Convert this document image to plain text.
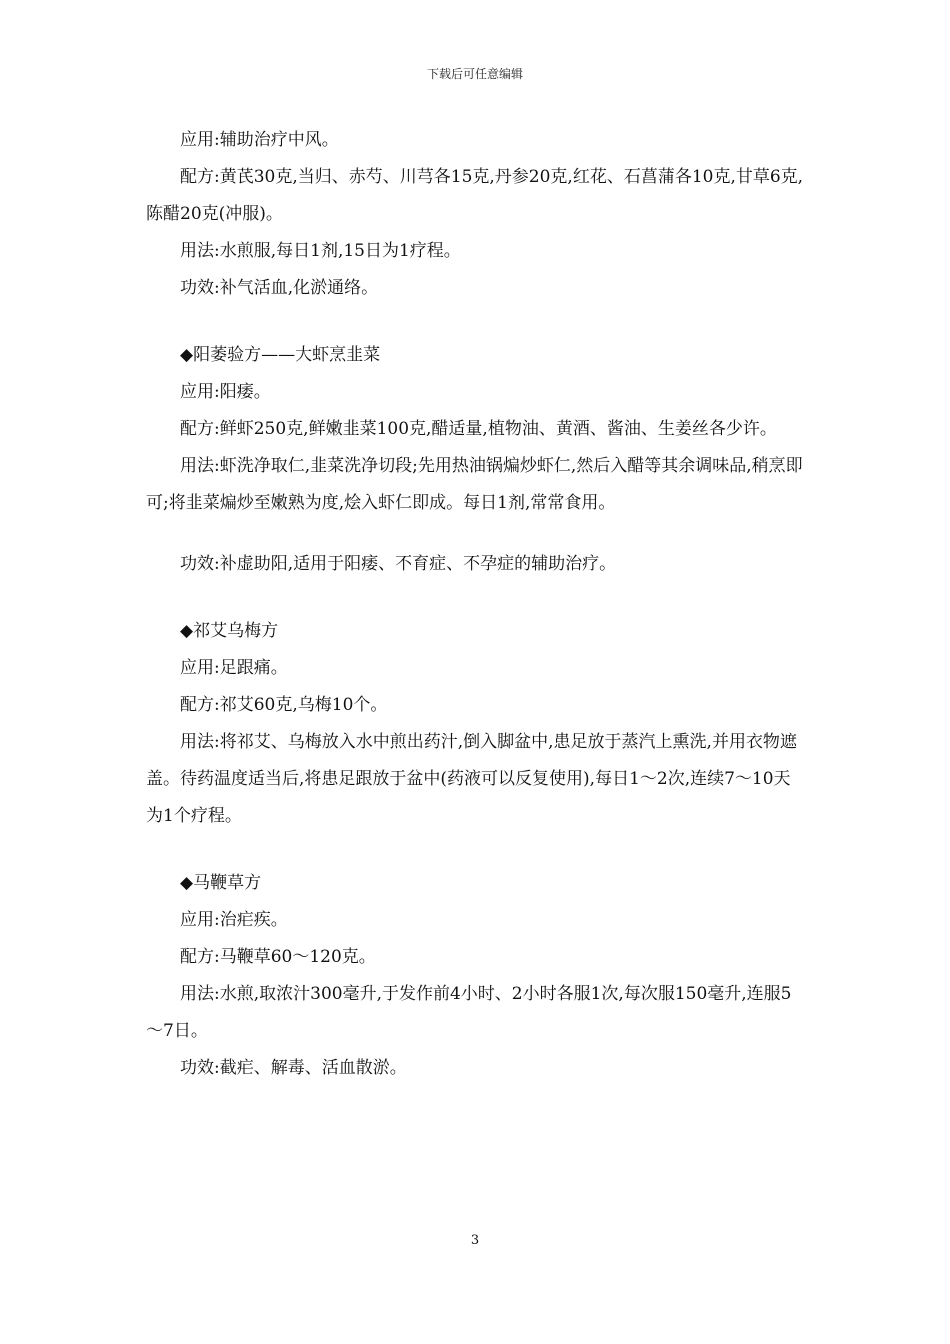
下载后可任意编辑

应用:辅助治疗中风。

配方:黄芪30克,当归、赤芍、川芎各15克,丹参20克,红花、石菖蒲各10克,甘草6克,陈醋20克(冲服)。

用法:水煎服,每日1剂,15日为1疗程。

功效:补气活血,化淤通络。

◆阳萎验方——大虾烹韭菜

应用:阳痿。

配方:鲜虾250克,鲜嫩韭菜100克,醋适量,植物油、黄酒、酱油、生姜丝各少许。

用法:虾洗净取仁,韭菜洗净切段;先用热油锅煸炒虾仁,然后入醋等其余调味品,稍烹即可;将韭菜煸炒至嫩熟为度,烩入虾仁即成。每日1剂,常常食用。

功效:补虚助阳,适用于阳痿、不育症、不孕症的辅助治疗。

◆祁艾乌梅方

应用:足跟痛。

配方:祁艾60克,乌梅10个。

用法:将祁艾、乌梅放入水中煎出药汁,倒入脚盆中,患足放于蒸汽上熏洗,并用衣物遮盖。待药温度适当后,将患足跟放于盆中(药液可以反复使用),每日1～2次,连续7～10天为1个疗程。

◆马鞭草方

应用:治疟疾。

配方:马鞭草60～120克。

用法:水煎,取浓汁300毫升,于发作前4小时、2小时各服1次,每次服150毫升,连服5～7日。

功效:截疟、解毒、活血散淤。

3
